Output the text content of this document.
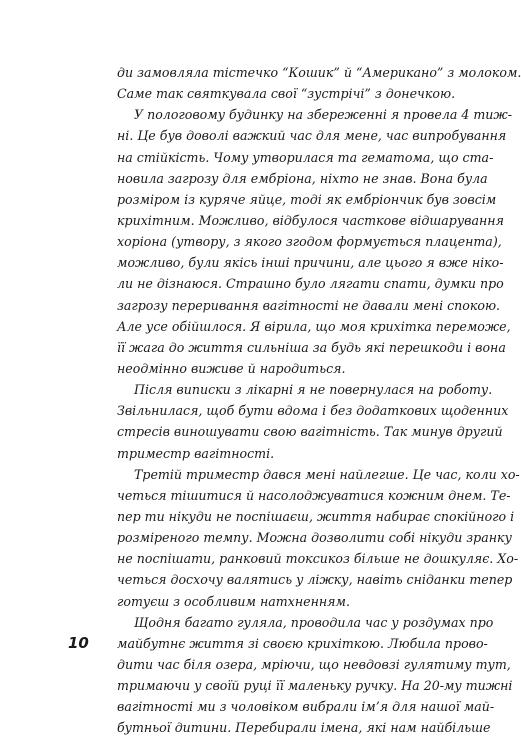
ди замовляла тістечко “Кошик” й “Американо” з молоком.
Саме так святкувала свої “зустрічі” з донечкою.
У пологовому будинку на збереженні я провела 4 тиж-
ні. Це був доволі важкий час для мене, час випробування
на стійкість. Чому утворилася та гематома, що ста-
новила загрозу для ембріона, ніхто не знав. Вона була
розміром із куряче яйце, тоді як ембріончик був зовсім
крихітним. Можливо, відбулося часткове відшарування
хоріона (утвору, з якого згодом формується плацента),
можливо, були якісь інші причини, але цього я вже ніко-
ли не дізнаюся. Страшно було лягати спати, думки про
загрозу переривання вагітності не давали мені спокою.
Але усе обійшлося. Я вірила, що моя крихітка переможе,
її жага до життя сильніша за будь які перешкоди і вона
неодмінно виживе й народиться.
Після виписки з лікарні я не повернулася на роботу.
Звільнилася, щоб бути вдома і без додаткових щоденних
стресів виношувати свою вагітність. Так минув другий
триместр вагітності.
Третій триместр дався мені найлегше. Це час, коли хо-
четься тішитися й насолоджуватися кожним днем. Те-
пер ти нікуди не поспішаєш, життя набирає спокійного і
розміреного темпу. Можна дозволити собі нікуди зранку
не поспішати, ранковий токсикоз більше не дошкуляє. Хо-
четься досхочу валятись у ліжку, навіть сніданки тепер
готуєш з особливим натхненням.
Щодня багато гуляла, проводила час у роздумах про
майбутнє життя зі своєю крихіткою. Любила прово-
дити час біля озера, мріючи, що невдовзі гулятиму тут,
тримаючи у своїй руці її маленьку ручку. На 20-му тижні
вагітності ми з чоловіком вибрали ім’я для нашої май-
бутньої дитини. Перебирали імена, які нам найбільше
10
